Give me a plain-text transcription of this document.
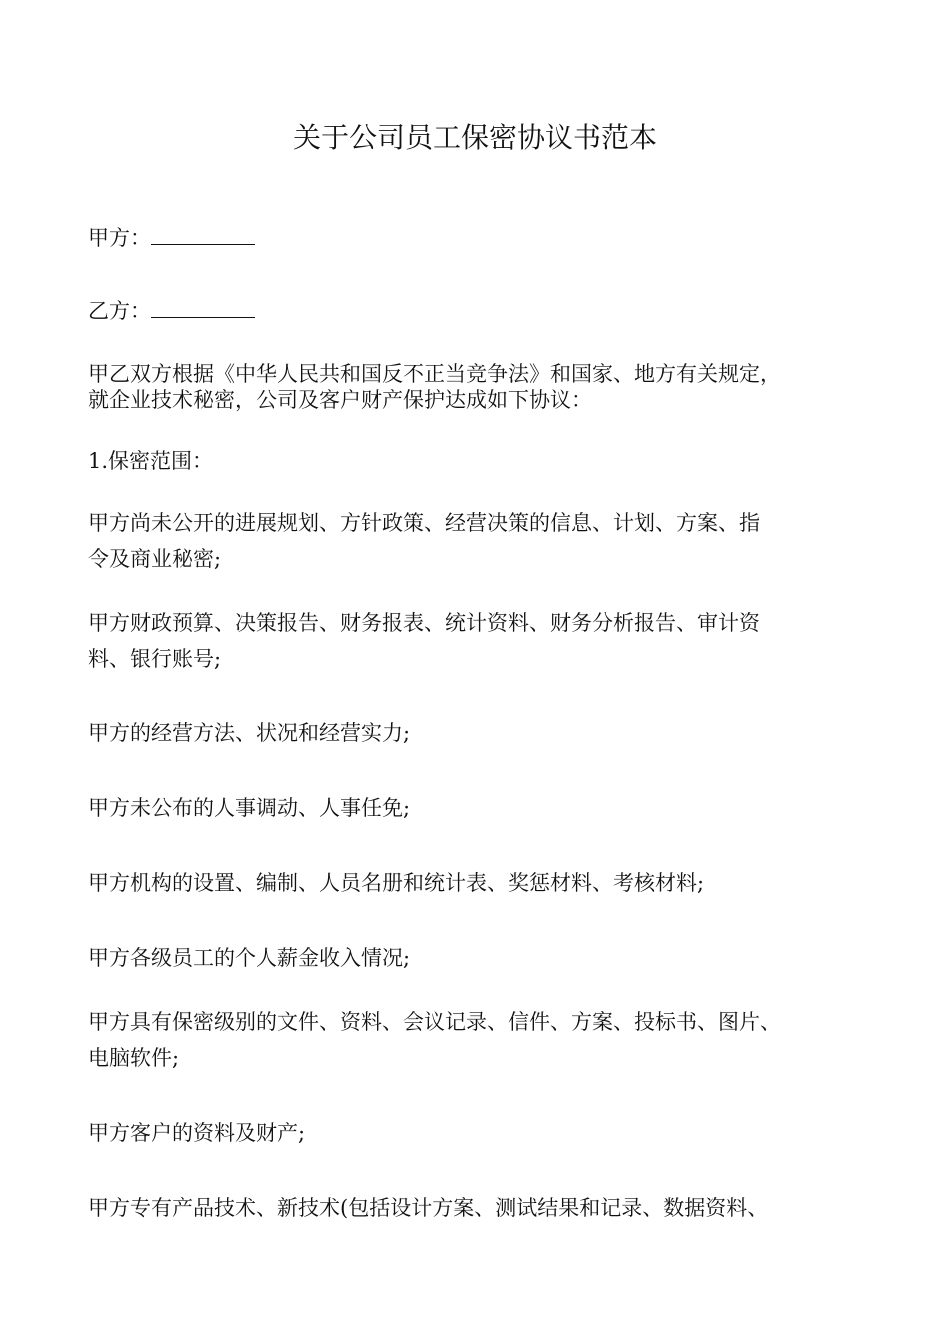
关于公司员工保密协议书范本
甲方：
乙方：
甲乙双方根据《中华人民共和国反不正当竞争法》和国家、地方有关规定，
就企业技术秘密，公司及客户财产保护达成如下协议：
1.保密范围：
甲方尚未公开的进展规划、方针政策、经营决策的信息、计划、方案、指
令及商业秘密;
甲方财政预算、决策报告、财务报表、统计资料、财务分析报告、审计资
料、银行账号;
甲方的经营方法、状况和经营实力;
甲方未公布的人事调动、人事任免;
甲方机构的设置、编制、人员名册和统计表、奖惩材料、考核材料;
甲方各级员工的个人薪金收入情况;
甲方具有保密级别的文件、资料、会议记录、信件、方案、投标书、图片、
电脑软件;
甲方客户的资料及财产;
甲方专有产品技术、新技术(包括设计方案、测试结果和记录、数据资料、
